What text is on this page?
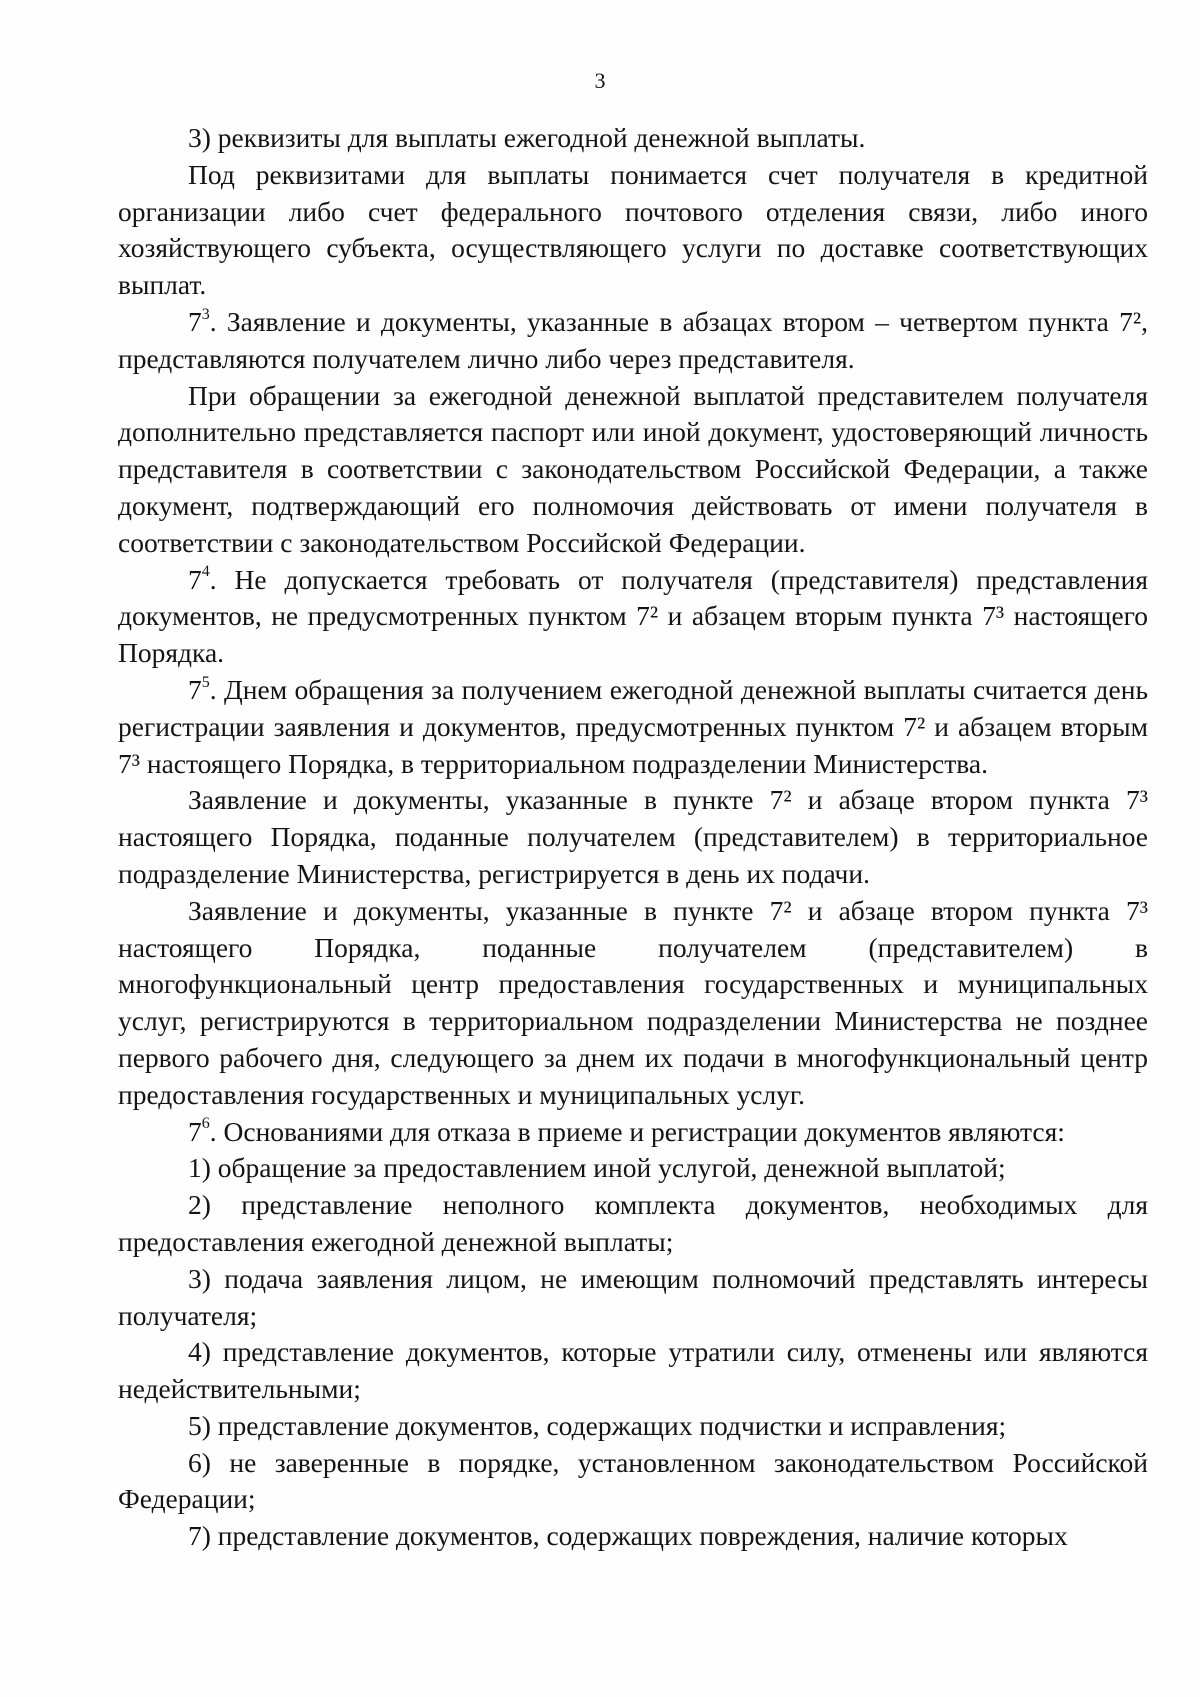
3

3) реквизиты для выплаты ежегодной денежной выплаты.

Под реквизитами для выплаты понимается счет получателя в кредитной организации либо счет федерального почтового отделения связи, либо иного хозяйствующего субъекта, осуществляющего услуги по доставке соответствующих выплат.

$7^3$. Заявление и документы, указанные в абзацах втором – четвертом пункта 7², представляются получателем лично либо через представителя.

При обращении за ежегодной денежной выплатой представителем получателя дополнительно представляется паспорт или иной документ, удостоверяющий личность представителя в соответствии с законодательством Российской Федерации, а также документ, подтверждающий его полномочия действовать от имени получателя в соответствии с законодательством Российской Федерации.

$7^4$. Не допускается требовать от получателя (представителя) представления документов, не предусмотренных пунктом 7² и абзацем вторым пункта 7³ настоящего Порядка.

$7^5$. Днем обращения за получением ежегодной денежной выплаты считается день регистрации заявления и документов, предусмотренных пунктом 7² и абзацем вторым 7³ настоящего Порядка, в территориальном подразделении Министерства.

Заявление и документы, указанные в пункте 7² и абзаце втором пункта 7³ настоящего Порядка, поданные получателем (представителем) в территориальное подразделение Министерства, регистрируется в день их подачи.

Заявление и документы, указанные в пункте 7² и абзаце втором пункта 7³ настоящего Порядка, поданные получателем (представителем) в многофункциональный центр предоставления государственных и муниципальных услуг, регистрируются в территориальном подразделении Министерства не позднее первого рабочего дня, следующего за днем их подачи в многофункциональный центр предоставления государственных и муниципальных услуг.

$7^6$. Основаниями для отказа в приеме и регистрации документов являются:

1) обращение за предоставлением иной услугой, денежной выплатой;

2) представление неполного комплекта документов, необходимых для предоставления ежегодной денежной выплаты;

3) подача заявления лицом, не имеющим полномочий представлять интересы получателя;

4) представление документов, которые утратили силу, отменены или являются недействительными;

5) представление документов, содержащих подчистки и исправления;

6) не заверенные в порядке, установленном законодательством Российской Федерации;

7) представление документов, содержащих повреждения, наличие которых
